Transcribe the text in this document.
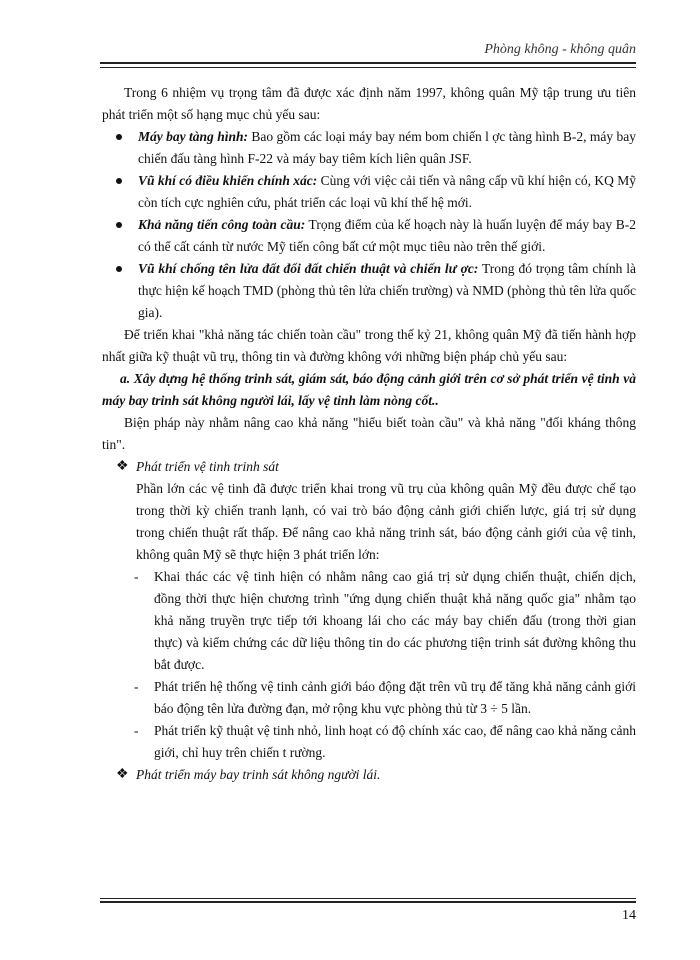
Phòng không - không quân

Trong 6 nhiệm vụ trọng tâm đã được xác định năm 1997, không quân Mỹ tập trung ưu tiên phát triển một số hạng mục chủ yếu sau:

Máy bay tàng hình: Bao gồm các loại máy bay ném bom chiến l ợc tàng hình B-2, máy bay chiến đấu tàng hình F-22 và máy bay tiêm kích liên quân JSF.
Vũ khí có điều khiển chính xác: Cùng với việc cải tiến và nâng cấp vũ khí hiện có, KQ Mỹ còn tích cực nghiên cứu, phát triển các loại vũ khí thế hệ mới.
Khả năng tiến công toàn cầu: Trọng điểm của kế hoạch này là huấn luyện để máy bay B-2 có thể cất cánh từ nước Mỹ tiến công bất cứ một mục tiêu nào trên thế giới.
Vũ khí chống tên lửa đất đối đất chiến thuật và chiến lư ợc: Trong đó trọng tâm chính là thực hiện kế hoạch TMD (phòng thủ tên lửa chiến trường) và NMD (phòng thủ tên lửa quốc gia).

Để triển khai "khả năng tác chiến toàn cầu" trong thế kỷ 21, không quân Mỹ đã tiến hành hợp nhất giữa kỹ thuật vũ trụ, thông tin và đường không với những biện pháp chủ yếu sau:

a. Xây dựng hệ thống trinh sát, giám sát, báo động cảnh giới trên cơ sở phát triển vệ tinh và máy bay trinh sát không người lái, lấy vệ tinh làm nòng cốt..

Biện pháp này nhằm nâng cao khả năng "hiểu biết toàn cầu" và khả năng "đối kháng thông tin".

❖ Phát triển vệ tinh trinh sát

Phần lớn các vệ tinh đã được triển khai trong vũ trụ của không quân Mỹ đều được chế tạo trong thời kỳ chiến tranh lạnh, có vai trò báo động cảnh giới chiến lược, giá trị sử dụng trong chiến thuật rất thấp. Để nâng cao khả năng trinh sát, báo động cảnh giới của vệ tinh, không quân Mỹ sẽ thực hiện 3 phát triển lớn:

- Khai thác các vệ tinh hiện có nhằm nâng cao giá trị sử dụng chiến thuật, chiến dịch, đồng thời thực hiện chương trình "ứng dụng chiến thuật khả năng quốc gia" nhằm tạo khả năng truyền trực tiếp tới khoang lái cho các máy bay chiến đấu (trong thời gian thực) và kiểm chứng các dữ liệu thông tin do các phương tiện trinh sát đường không thu bắt được.
- Phát triển hệ thống vệ tinh cảnh giới báo động đặt trên vũ trụ để tăng khả năng cảnh giới báo động tên lửa đường đạn, mở rộng khu vực phòng thủ từ 3 ÷ 5 lần.
- Phát triển kỹ thuật vệ tinh nhỏ, linh hoạt có độ chính xác cao, để nâng cao khả năng cảnh giới, chỉ huy trên chiến t rường.
❖ Phát triển máy bay trinh sát không người lái.
14
